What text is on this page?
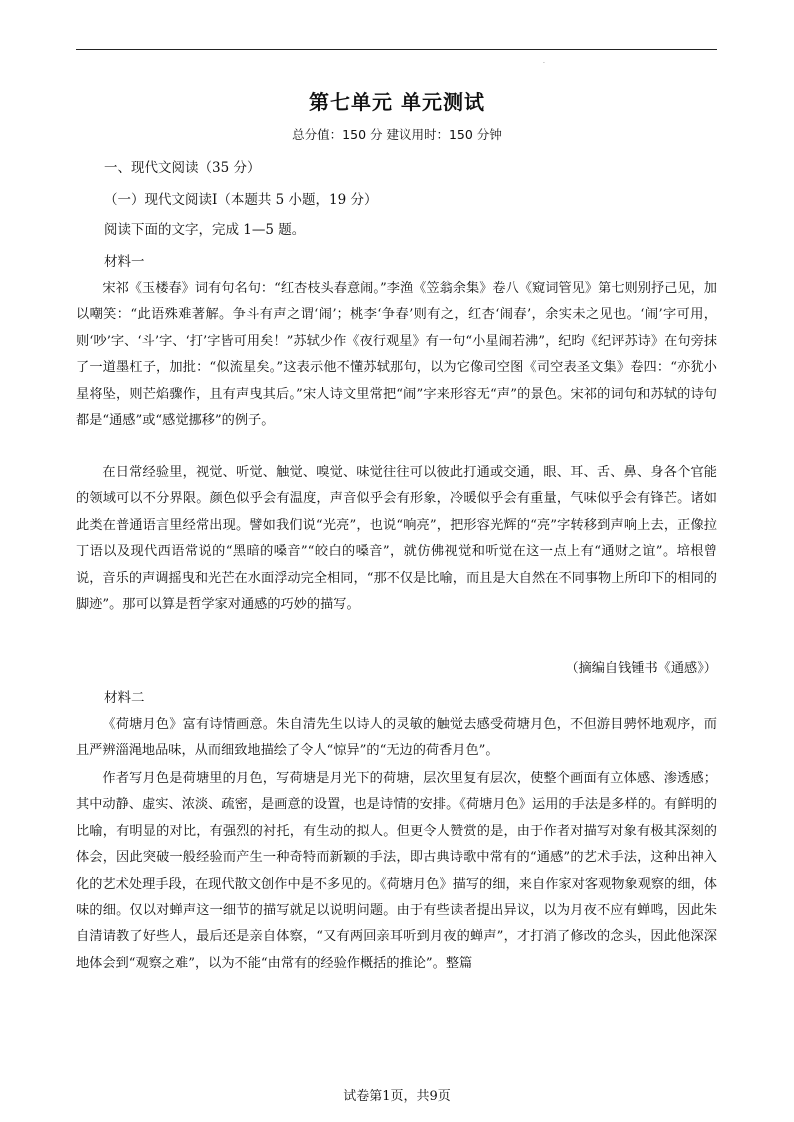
.
第七单元 单元测试
总分值：150 分 建议用时：150 分钟
一、现代文阅读（35 分）
（一）现代文阅读Ⅰ（本题共 5 小题，19 分）
阅读下面的文字，完成 1—5 题。
材料一
宋祁《玉楼春》词有句名句：“红杏枝头春意闹。”李渔《笠翁余集》卷八《窥词管见》第七则别抒己见，加以嘲笑：“此语殊难著解。争斗有声之谓‘闹’；桃李‘争春’则有之，红杏‘闹春’，余实未之见也。‘闹’字可用，则‘吵’字、‘斗’字、‘打’字皆可用矣！”苏轼少作《夜行观星》有一句“小星闹若沸”，纪昀《纪评苏诗》在句旁抹了一道墨杠子，加批：“似流星矣。”这表示他不懂苏轼那句，以为它像司空图《司空表圣文集》卷四：“亦犹小星将坠，则芒焰骤作，且有声曳其后。”宋人诗文里常把“闹”字来形容无“声”的景色。宋祁的词句和苏轼的诗句都是“通感”或“感觉挪移”的例子。
在日常经验里，视觉、听觉、触觉、嗅觉、味觉往往可以彼此打通或交通，眼、耳、舌、鼻、身各个官能的领域可以不分界限。颜色似乎会有温度，声音似乎会有形象，冷暖似乎会有重量，气味似乎会有锋芒。诸如此类在普通语言里经常出现。譬如我们说“光亮”，也说“响亮”，把形容光辉的“亮”字转移到声响上去，正像拉丁语以及现代西语常说的“黑暗的嗓音”“皎白的嗓音”，就仿佛视觉和听觉在这一点上有“通财之谊”。培根曾说，音乐的声调摇曳和光芒在水面浮动完全相同，“那不仅是比喻，而且是大自然在不同事物上所印下的相同的脚迹”。那可以算是哲学家对通感的巧妙的描写。
（摘编自钱锺书《通感》）
材料二
《荷塘月色》富有诗情画意。朱自清先生以诗人的灵敏的触觉去感受荷塘月色，不但游目骋怀地观序，而且严辨淄渑地品味，从而细致地描绘了令人“惊异”的“无边的荷香月色”。
作者写月色是荷塘里的月色，写荷塘是月光下的荷塘，层次里复有层次，使整个画面有立体感、渗透感；其中动静、虚实、浓淡、疏密，是画意的设置，也是诗情的安排。《荷塘月色》运用的手法是多样的。有鲜明的比喻，有明显的对比，有强烈的衬托，有生动的拟人。但更令人赞赏的是，由于作者对描写对象有极其深刻的体会，因此突破一般经验而产生一种奇特而新颖的手法，即古典诗歌中常有的“通感”的艺术手法，这种出神入化的艺术处理手段，在现代散文创作中是不多见的。《荷塘月色》描写的细，来自作家对客观物象观察的细，体味的细。仅以对蝉声这一细节的描写就足以说明问题。由于有些读者提出异议，以为月夜不应有蝉鸣，因此朱自清请教了好些人，最后还是亲自体察，“又有两回亲耳听到月夜的蝉声”，才打消了修改的念头，因此他深深地体会到“观察之难”，以为不能“由常有的经验作概括的推论”。整篇
试卷第1页，共9页
